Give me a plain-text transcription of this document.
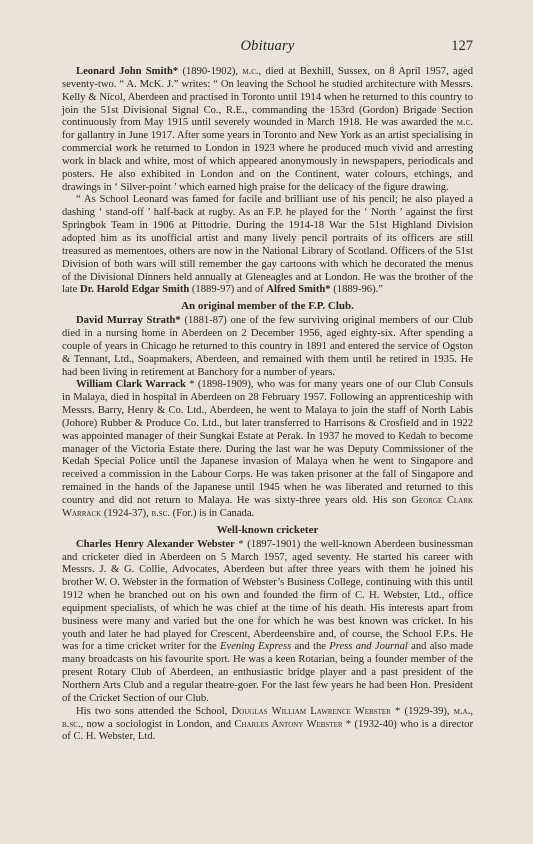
Obituary	127

Leonard John Smith* (1890-1902), m.c., died at Bexhill, Sussex, on 8 April 1957, aged seventy-two. “ A. McK. J.” writes: “ On leaving the School he studied architecture with Messrs. Kelly & Nicol, Aberdeen and practised in Toronto until 1914 when he returned to this country to join the 51st Divisional Signal Co., R.E., commanding the 153rd (Gordon) Brigade Section continuously from May 1915 until severely wounded in March 1918. He was awarded the m.c. for gallantry in June 1917. After some years in Toronto and New York as an artist specialising in commercial work he returned to London in 1923 where he produced much vivid and arresting work in black and white, most of which appeared anonymously in newspapers, periodicals and posters. He also exhibited in London and on the Continent, water colours, etchings, and drawings in ‘ Silver-point ’ which earned high praise for the delicacy of the figure drawing.

“ As School Leonard was famed for facile and brilliant use of his pencil; he also played a dashing ‘ stand-off ’ half-back at rugby. As an F.P. he played for the ‘ North ’ against the first Springbok Team in 1906 at Pittodrie. During the 1914-18 War the 51st Highland Division adopted him as its unofficial artist and many lively pencil portraits of its officers are still treasured as mementoes, others are now in the National Library of Scotland. Officers of the 51st Division of both wars will still remember the gay cartoons with which he decorated the menus of the Divisional Dinners held annually at Gleneagles and at London. He was the brother of the late Dr. Harold Edgar Smith (1889-97) and of Alfred Smith* (1889-96).”

An original member of the F.P. Club.

David Murray Strath* (1881-87) one of the few surviving original members of our Club died in a nursing home in Aberdeen on 2 December 1956, aged eighty-six. After spending a couple of years in Chicago he returned to this country in 1891 and entered the service of Ogston & Tennant, Ltd., Soapmakers, Aberdeen, and remained with them until he retired in 1935. He had been living in retirement at Banchory for a number of years.

William Clark Warrack * (1898-1909), who was for many years one of our Club Consuls in Malaya, died in hospital in Aberdeen on 28 February 1957. Following an apprenticeship with Messrs. Barry, Henry & Co. Ltd., Aberdeen, he went to Malaya to join the staff of North Labis (Johore) Rubber & Produce Co. Ltd., but later transferred to Harrisons & Crosfield and in 1922 was appointed manager of their Sungkai Estate at Perak. In 1937 he moved to Kedah to become manager of the Victoria Estate there. During the last war he was Deputy Commissioner of the Kedah Special Police until the Japanese invasion of Malaya when he went to Singapore and received a commission in the Labour Corps. He was taken prisoner at the fall of Singapore and remained in the hands of the Japanese until 1945 when he was liberated and returned to this country and did not return to Malaya. He was sixty-three years old. His son George Clark Warrack (1924-37), b.sc. (For.) is in Canada.

Well-known cricketer

Charles Henry Alexander Webster * (1897-1901) the well-known Aberdeen businessman and cricketer died in Aberdeen on 5 March 1957, aged seventy. He started his career with Messrs. J. & G. Collie, Advocates, Aberdeen but after three years with them he joined his brother W. O. Webster in the formation of Webster’s Business College, continuing with this until 1912 when he branched out on his own and founded the firm of C. H. Webster, Ltd., office equipment specialists, of which he was chief at the time of his death. His interests apart from business were many and varied but the one for which he was best known was cricket. In his youth and later he had played for Crescent, Aberdeenshire and, of course, the School F.P.s. He was for a time cricket writer for the Evening Express and the Press and Journal and also made many broadcasts on his favourite sport. He was a keen Rotarian, being a founder member of the present Rotary Club of Aberdeen, an enthusiastic bridge player and a past president of the Northern Arts Club and a regular theatre-goer. For the last few years he had been Hon. President of the Cricket Section of our Club.

His two sons attended the School, Douglas William Lawrence Webster * (1929-39), m.a., b.sc., now a sociologist in London, and Charles Antony Webster * (1932-40) who is a director of C. H. Webster, Ltd.
